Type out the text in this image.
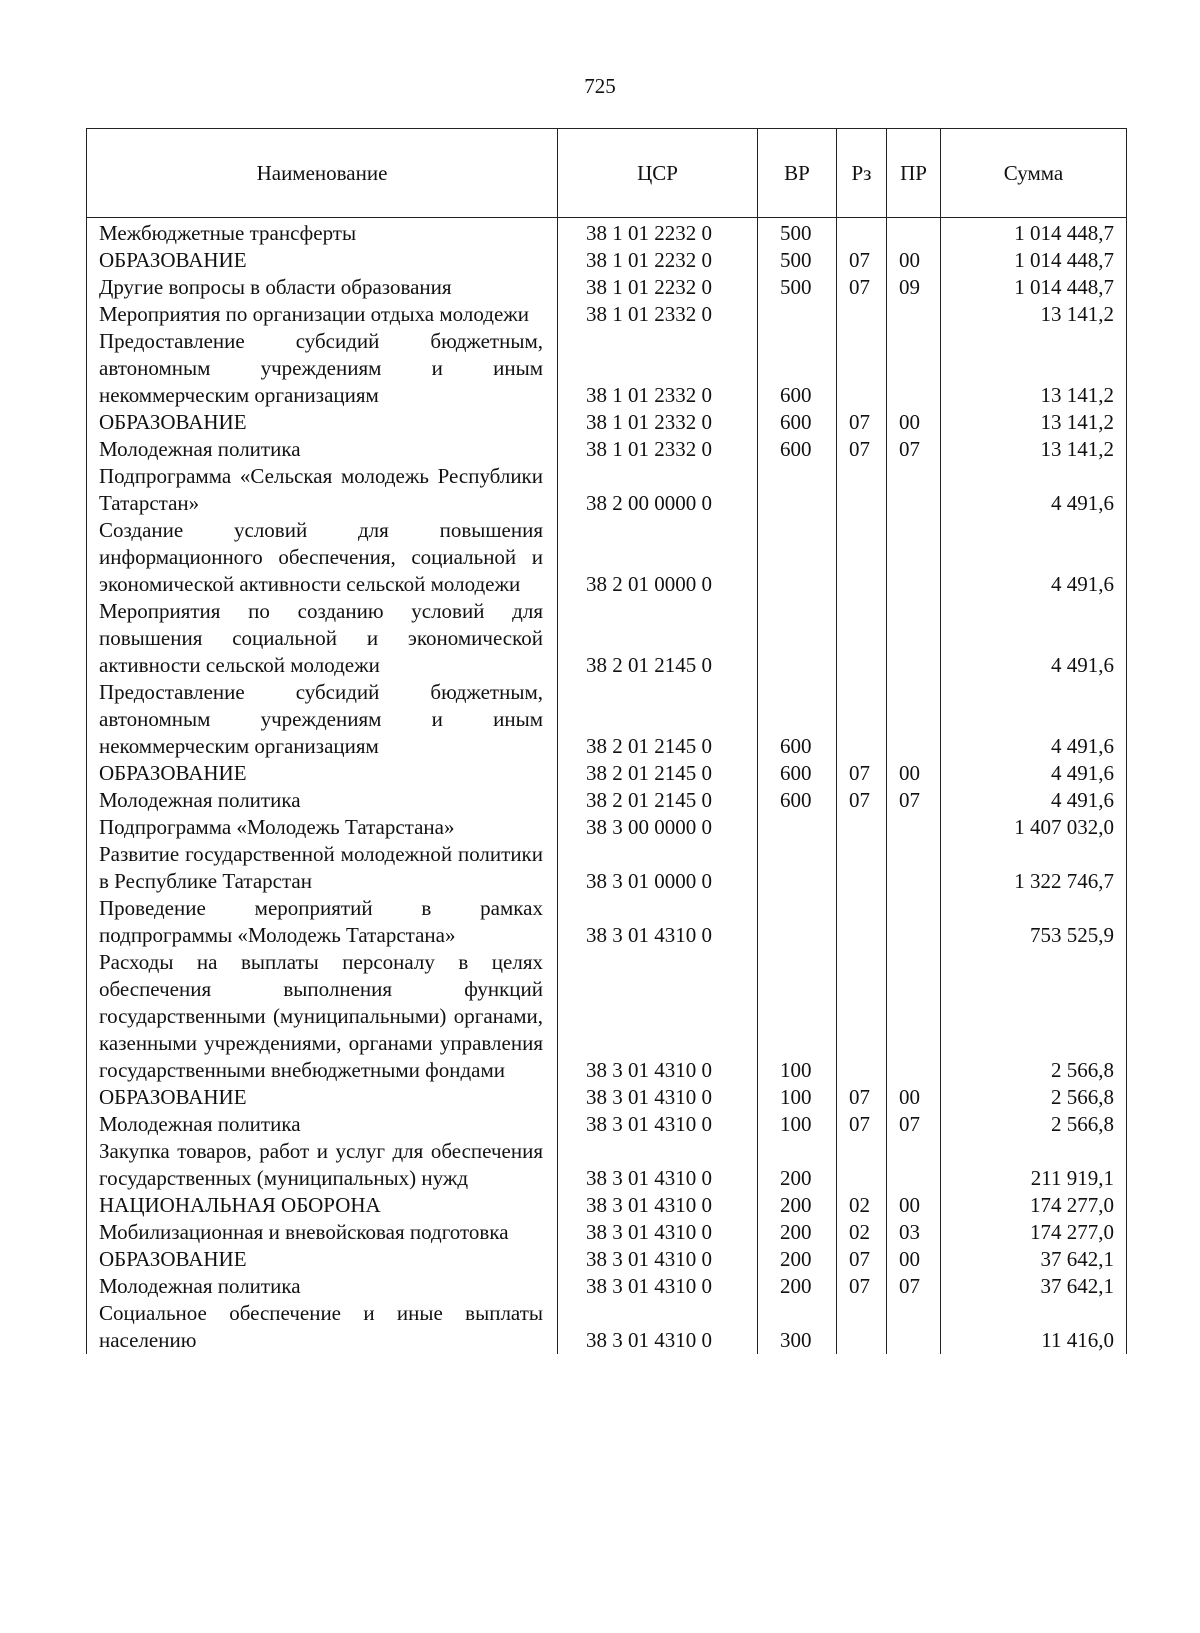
725
Наименование	ЦСР	ВР	Рз	ПР	Сумма
Межбюджетные трансферты	38 1 01 2232 0	500			1 014 448,7
ОБРАЗОВАНИЕ	38 1 01 2232 0	500	07	00	1 014 448,7
Другие вопросы в области образования	38 1 01 2232 0	500	07	09	1 014 448,7
Мероприятия по организации отдыха молодежи	38 1 01 2332 0				13 141,2
Предоставление субсидий бюджетным, автономным учреждениям и иным некоммерческим организациям	38 1 01 2332 0	600			13 141,2
ОБРАЗОВАНИЕ	38 1 01 2332 0	600	07	00	13 141,2
Молодежная политика	38 1 01 2332 0	600	07	07	13 141,2
Подпрограмма «Сельская молодежь Республики Татарстан»	38 2 00 0000 0				4 491,6
Создание условий для повышения информационного обеспечения, социальной и экономической активности сельской молодежи	38 2 01 0000 0				4 491,6
Мероприятия по созданию условий для повышения социальной и экономической активности сельской молодежи	38 2 01 2145 0				4 491,6
Предоставление субсидий бюджетным, автономным учреждениям и иным некоммерческим организациям	38 2 01 2145 0	600			4 491,6
ОБРАЗОВАНИЕ	38 2 01 2145 0	600	07	00	4 491,6
Молодежная политика	38 2 01 2145 0	600	07	07	4 491,6
Подпрограмма «Молодежь Татарстана»	38 3 00 0000 0				1 407 032,0
Развитие государственной молодежной политики в Республике Татарстан	38 3 01 0000 0				1 322 746,7
Проведение мероприятий в рамках подпрограммы «Молодежь Татарстана»	38 3 01 4310 0				753 525,9
Расходы на выплаты персоналу в целях обеспечения выполнения функций государственными (муниципальными) органами, казенными учреждениями, органами управления государственными внебюджетными фондами	38 3 01 4310 0	100			2 566,8
ОБРАЗОВАНИЕ	38 3 01 4310 0	100	07	00	2 566,8
Молодежная политика	38 3 01 4310 0	100	07	07	2 566,8
Закупка товаров, работ и услуг для обеспечения государственных (муниципальных) нужд	38 3 01 4310 0	200			211 919,1
НАЦИОНАЛЬНАЯ ОБОРОНА	38 3 01 4310 0	200	02	00	174 277,0
Мобилизационная и вневойсковая подготовка	38 3 01 4310 0	200	02	03	174 277,0
ОБРАЗОВАНИЕ	38 3 01 4310 0	200	07	00	37 642,1
Молодежная политика	38 3 01 4310 0	200	07	07	37 642,1
Социальное обеспечение и иные выплаты населению	38 3 01 4310 0	300			11 416,0
